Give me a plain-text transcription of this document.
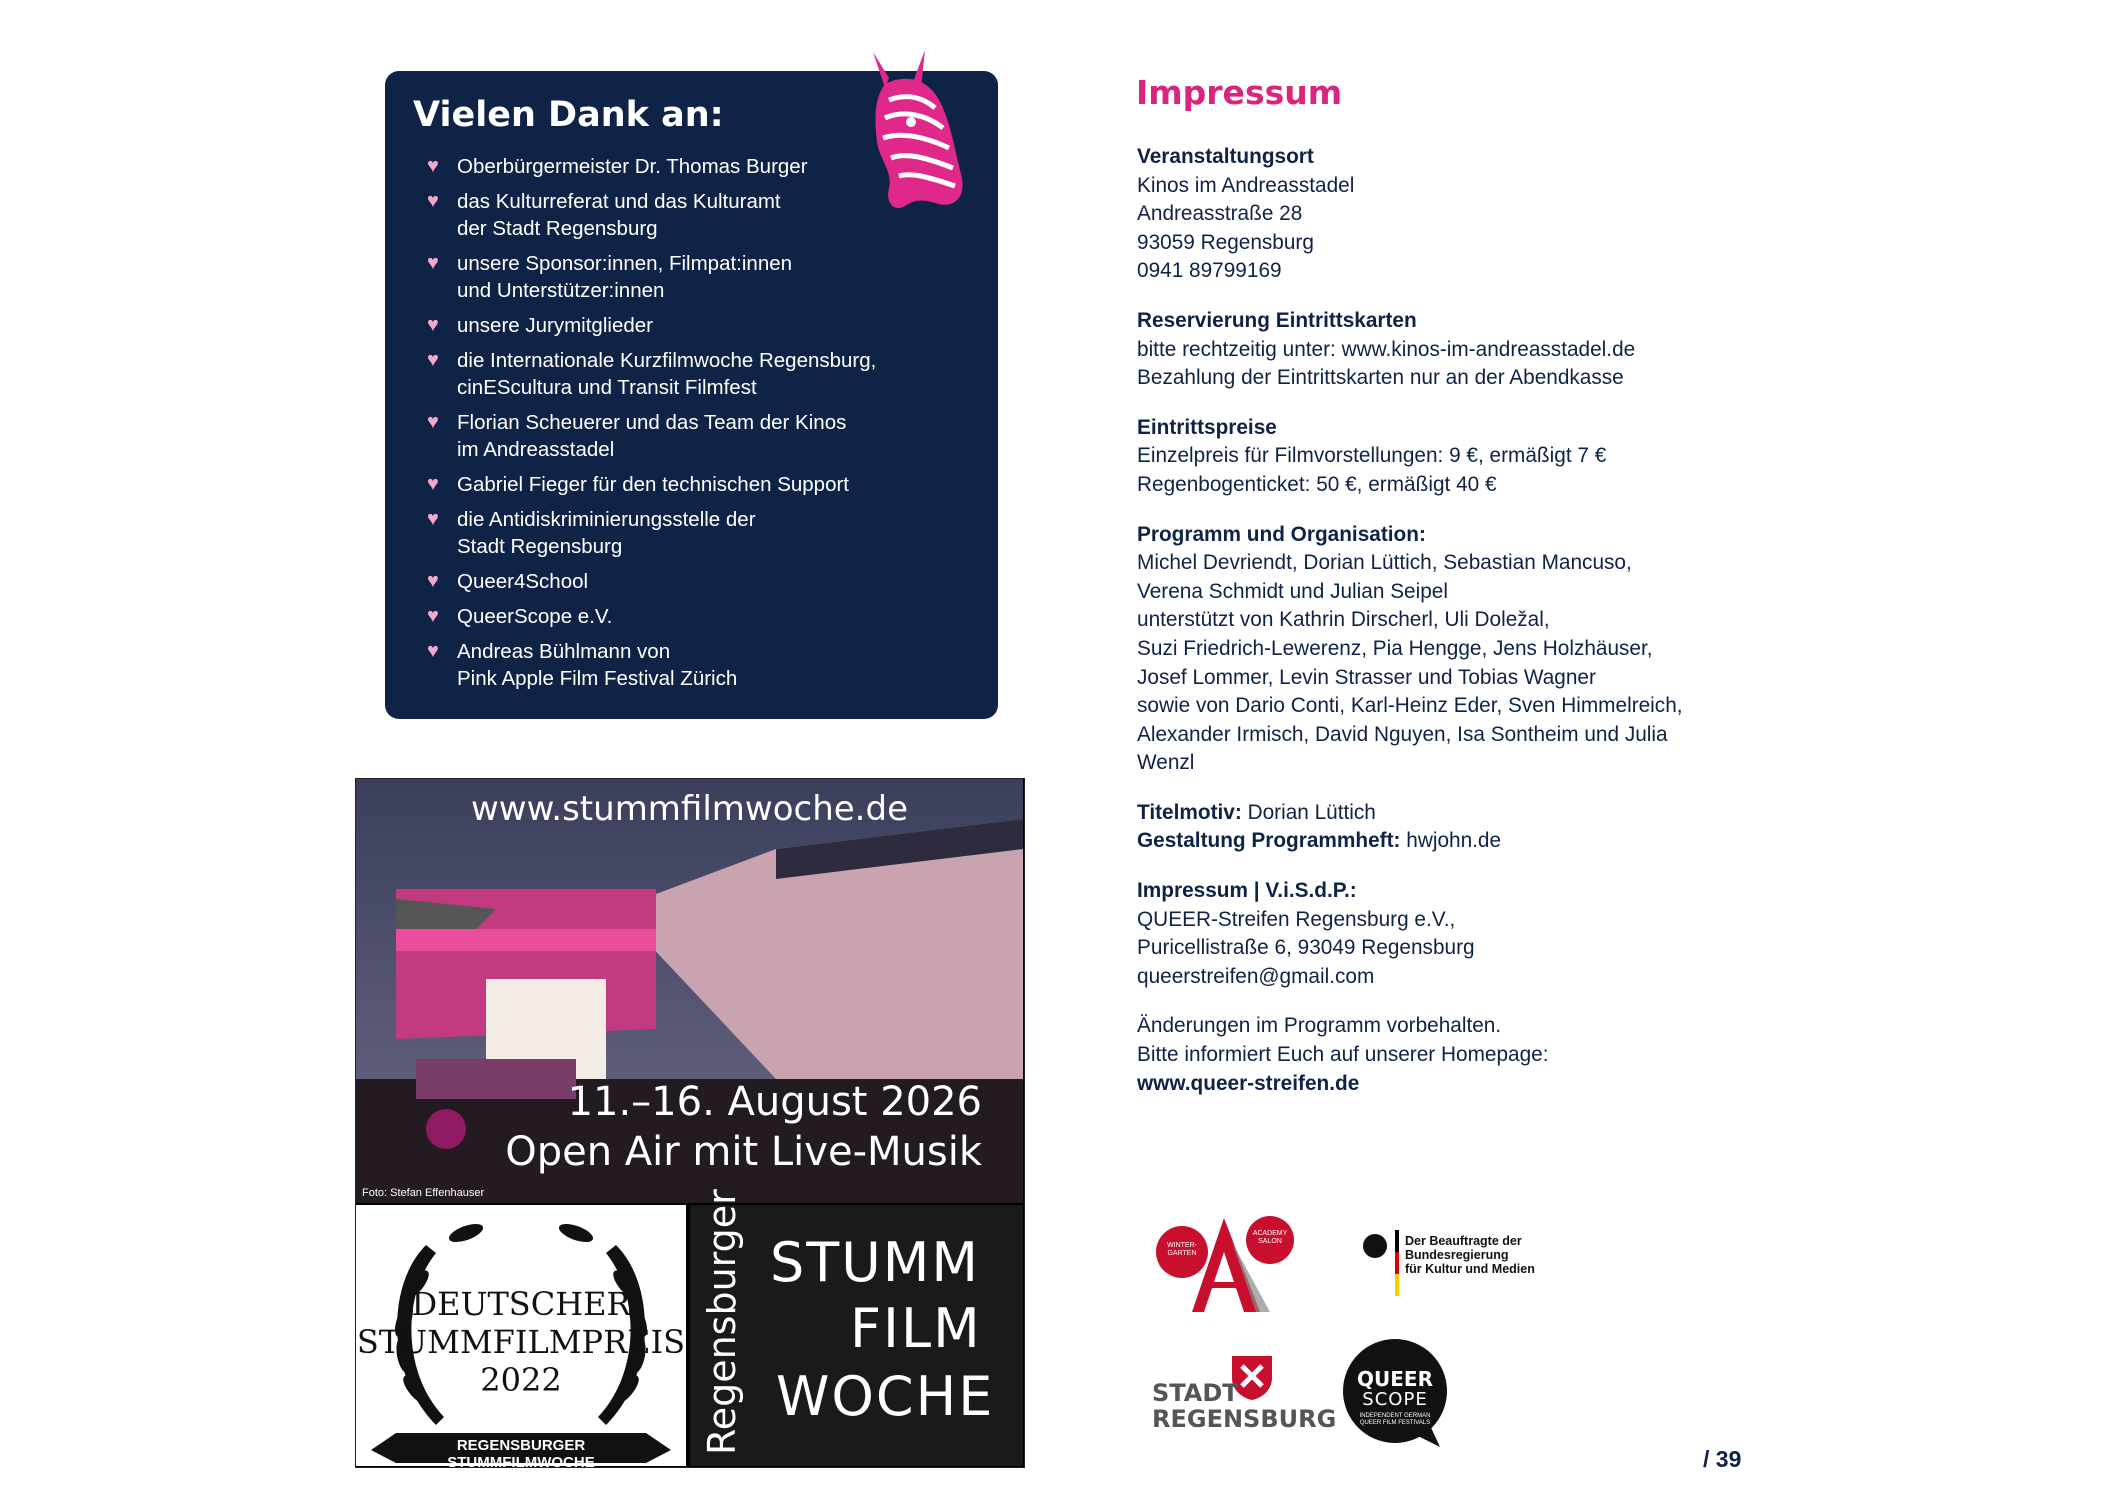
Vielen Dank an:
♥ Oberbürgermeister Dr. Thomas Burger
♥ das Kulturreferat und das Kulturamt
der Stadt Regensburg
♥ unsere Sponsor:innen, Filmpat:innen
und Unterstützer:innen
♥ unsere Jurymitglieder
♥ die Internationale Kurzfilmwoche Regensburg,
cinEScultura und Transit Filmfest
♥ Florian Scheuerer und das Team der Kinos
im Andreasstadel
♥ Gabriel Fieger für den technischen Support
♥ die Antidiskriminierungsstelle der
Stadt Regensburg
♥ Queer4School
♥ QueerScope e.V.
♥ Andreas Bühlmann von
Pink Apple Film Festival Zürich
www.stummfilmwoche.de
11.–16. August 2026
Open Air mit Live-Musik
Foto: Stefan Effenhauser
DEUTSCHER
STUMMFILMPREIS
2022
REGENSBURGER STUMMFILMWOCHE
Regensburger STUMM
FILM
WOCHE
Impressum
Veranstaltungsort

Kinos im Andreasstadel
Andreasstraße 28
93059 Regensburg
0941 89799169

Reservierung Eintrittskarten

bitte rechtzeitig unter: www.kinos-im-andreasstadel.de
Bezahlung der Eintrittskarten nur an der Abendkasse

Eintrittspreise

Einzelpreis für Filmvorstellungen: 9 €, ermäßigt 7 €
Regenbogenticket: 50 €, ermäßigt 40 €

Programm und Organisation:

Michel Devriendt, Dorian Lüttich, Sebastian Mancuso,
Verena Schmidt und Julian Seipel
unterstützt von Kathrin Dirscherl, Uli Doležal,
Suzi Friedrich-Lewerenz, Pia Hengge, Jens Holzhäuser,
Josef Lommer, Levin Strasser und Tobias Wagner
sowie von Dario Conti, Karl-Heinz Eder, Sven Himmelreich,
Alexander Irmisch, David Nguyen, Isa Sontheim und Julia
Wenzl

Titelmotiv: Dorian Lüttich
Gestaltung Programmheft: hwjohn.de
Impressum | V.i.S.d.P.:

QUEER-Streifen Regensburg e.V.,
Puricellistraße 6, 93049 Regensburg
queerstreifen@gmail.com

Änderungen im Programm vorbehalten.
Bitte informiert Euch auf unserer Homepage:

www.queer-streifen.de
WINTER-
GARTEN
ACADEMY
SALON	Der Beauftragte der Bundesregierung
für Kultur und Medien
STADT
REGENSBURG
QUEER
SCOPE
INDEPENDENT GERMAN
QUEER FILM FESTIVALS
/ 39
